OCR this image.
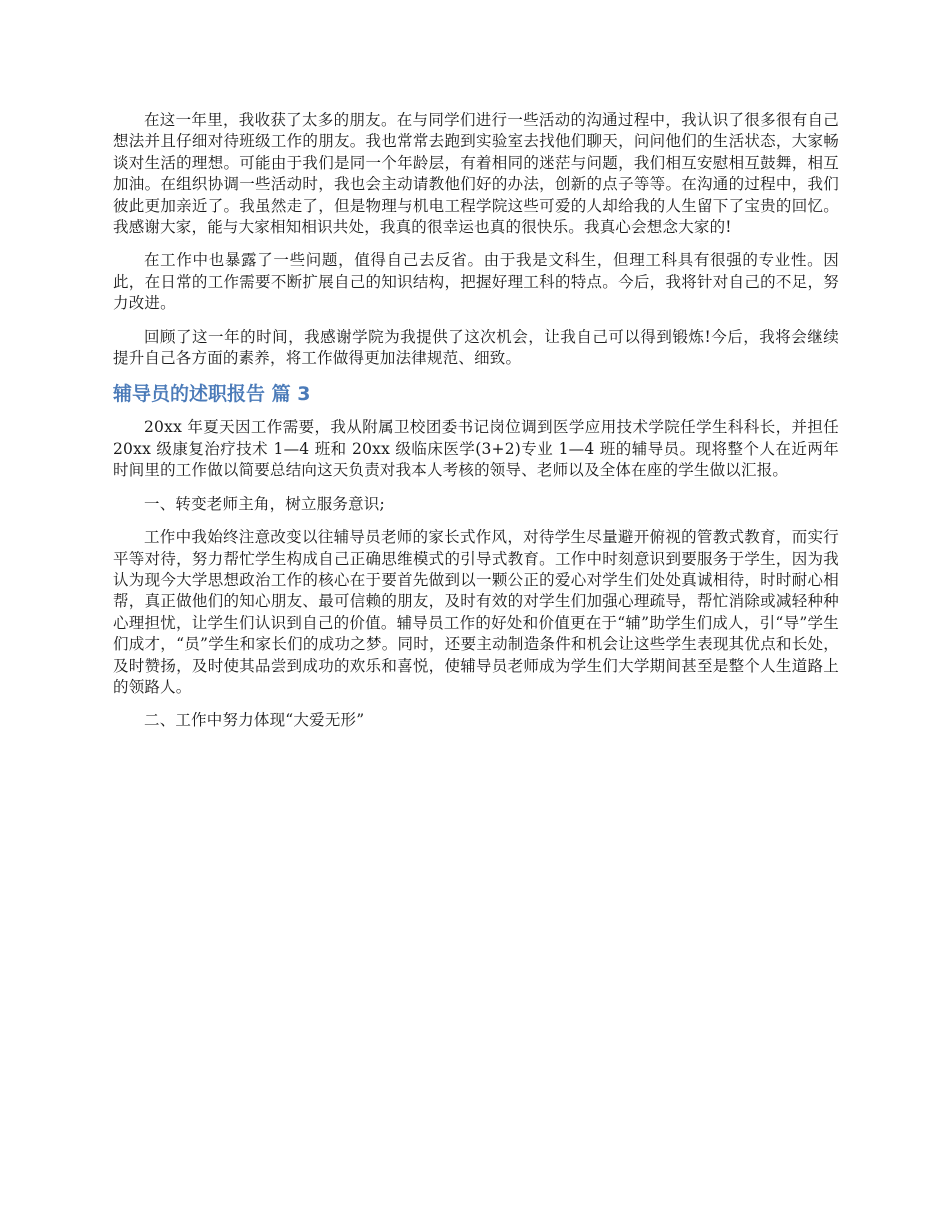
在这一年里，我收获了太多的朋友。在与同学们进行一些活动的沟通过程中，我认识了很多很有自己想法并且仔细对待班级工作的朋友。我也常常去跑到实验室去找他们聊天，问问他们的生活状态，大家畅谈对生活的理想。可能由于我们是同一个年龄层，有着相同的迷茫与问题，我们相互安慰相互鼓舞，相互加油。在组织协调一些活动时，我也会主动请教他们好的办法，创新的点子等等。在沟通的过程中，我们彼此更加亲近了。我虽然走了，但是物理与机电工程学院这些可爱的人却给我的人生留下了宝贵的回忆。我感谢大家，能与大家相知相识共处，我真的很幸运也真的很快乐。我真心会想念大家的!

在工作中也暴露了一些问题，值得自己去反省。由于我是文科生，但理工科具有很强的专业性。因此，在日常的工作需要不断扩展自己的知识结构，把握好理工科的特点。今后，我将针对自己的不足，努力改进。

回顾了这一年的时间，我感谢学院为我提供了这次机会，让我自己可以得到锻炼!今后，我将会继续提升自己各方面的素养，将工作做得更加法律规范、细致。

辅导员的述职报告 篇 3

20xx 年夏天因工作需要，我从附属卫校团委书记岗位调到医学应用技术学院任学生科科长，并担任 20xx 级康复治疗技术 1—4 班和 20xx 级临床医学(3+2)专业 1—4 班的辅导员。现将整个人在近两年时间里的工作做以简要总结向这天负责对我本人考核的领导、老师以及全体在座的学生做以汇报。

一、转变老师主角，树立服务意识;

工作中我始终注意改变以往辅导员老师的家长式作风，对待学生尽量避开俯视的管教式教育，而实行平等对待，努力帮忙学生构成自己正确思维模式的引导式教育。工作中时刻意识到要服务于学生，因为我认为现今大学思想政治工作的核心在于要首先做到以一颗公正的爱心对学生们处处真诚相待，时时耐心相帮，真正做他们的知心朋友、最可信赖的朋友，及时有效的对学生们加强心理疏导，帮忙消除或减轻种种心理担忧，让学生们认识到自己的价值。辅导员工作的好处和价值更在于“辅”助学生们成人，引“导”学生们成才，“员”学生和家长们的成功之梦。同时，还要主动制造条件和机会让这些学生表现其优点和长处，及时赞扬，及时使其品尝到成功的欢乐和喜悦，使辅导员老师成为学生们大学期间甚至是整个人生道路上的领路人。

二、工作中努力体现“大爱无形”
